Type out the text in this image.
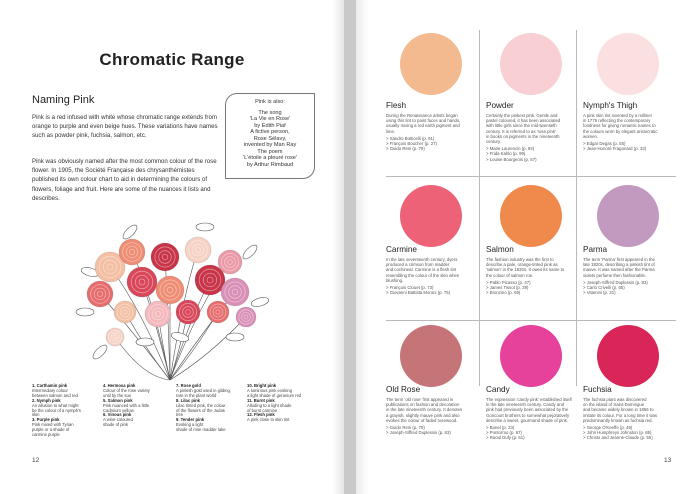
Chromatic Range
Naming Pink
Pink is a red infused with white whose chromatic range extends from orange to purple and even beige hues. These variations have names such as powder pink, fuchsia, salmon, etc.
Pink was obviously named after the most common colour of the rose flower. In 1905, the Société Française des chrysanthémistes published its own colour chart to aid in determining the colours of flowers, foliage and fruit. Here are some of the nuances it lists and describes.
Pink is also:
The song
'La Vie en Rose'
by Edith Piaf
A fictive person,
Rose Sélavy,
invented by Man Ray
The poem
'L'étoile a pleuré rose'
by Arthur Rimbaud
1. Carthamin pink
Intermediary colour
between salmon and red
2. Nymph pink
An allusion to what might
be the colour of a nymph's
skin
3. Purple pink
Pink mixed with Tyrian
purple or a shade of
carmine purple
4. Hermosa pink
Colour of the rose variety
until by the sun
5. Salmon pink
Pink nuanced with a little
Cadmium yellow
6. Vinous pink
A wine-coloured
shade of pink
7. Rose gold
A pinkish gold used in gilding,
rare in the plant world
8. Lilac pink
Lilac tinted pink, the colour
of the flowers of the Judas
tree
9. Tender pink
Evoking a light
shade of rose madder lake
10. Bright pink
A luminous pink evoking
a light shade of geranium red
11. Burnt pink
Alluding to a light shade
of burnt carmine
12. Flesh pink
A pink close to skin tint
12
Flesh
During the Renaissance artists began
using this tint to paint faces and hands,
usually mixing a red earth pigment and
lime.
> Sandro Botticelli (p. 91)
> François Boucher (p. 27)
> Guido Reni (p. 79)
Powder
Certainly the pinkest pink. Gentle and
pastel coloured, it has been associated
with little girls since the mid-twentieth
century. It is referred to as 'rose pink'
in books on pigments in the nineteenth
century.
> Marie Laurencin (p. 93)
> Frida Kahlo (p. 99)
> Louise Bourgeois (p. 57)
Nymph's Thigh
A pink skin tint invented by a milliner
in 1775 reflecting the contemporary
fondness for giving romantic names to
the colours worn by elegant aristocratic
women.
> Edgar Degas (p. 55)
> Jean-Honoré Fragonard (p. 33)
Carmine
In the late seventeenth century, dyers
produced a crimson from madder
and cochineal. Carmine is a flesh tint
resembling the colour of the skin when
blushing.
> François Clouet (p. 73)
> Giovanni Battista Moroni (p. 75)
Salmon
The fashion industry was the first to
describe a pale, orange-tinted pink as
'salmon' in the 1820s. It owes its name to
the colour of salmon roe.
> Pablo Picasso (p. 47)
> James Tissot (p. 39)
> Bronzino (p. 69)
Parma
The term 'Parma' first appeared in the
late 1820s, describing a pinkish tint of
mauve. It was named after the Parma
violets perfume then fashionable.
> Joseph-Siffred Duplessis (p. 83)
> Carlo Crivelli (p. 65)
> Vitamini (p. 31)
Old Rose
The term 'old rose' first appeared in
publications on fashion and decoration
in the late nineteenth century. It denotes
a grayish, slightly mauve pink and also
evokes the colour of faded rosewood.
> Guido Reni (p. 79)
> Joseph-Siffred Duplessis (p. 83)
Candy
The expression 'candy pink' established itself
in the late nineteenth century. Candy and
pink had previously been associated by the
Goncourt brothers to somewhat pejoratively
describe a sweet, gourmand shade of pink.
> Bunel (p. 23)
> Pontormo (p. 67)
> Raoul Dufy (p. 51)
Fuchsia
The fuchsia plant was discovered
on the island of Saint-Domingue
and became widely known in 1856 to
imitate its colour. For a long time it was
predominantly known as fuchsia red.
> George O'Keeffe (p. 49)
> John Humphreys Johnston (p. 85)
> Christo and Jeanne-Claude (p. 55)
13
